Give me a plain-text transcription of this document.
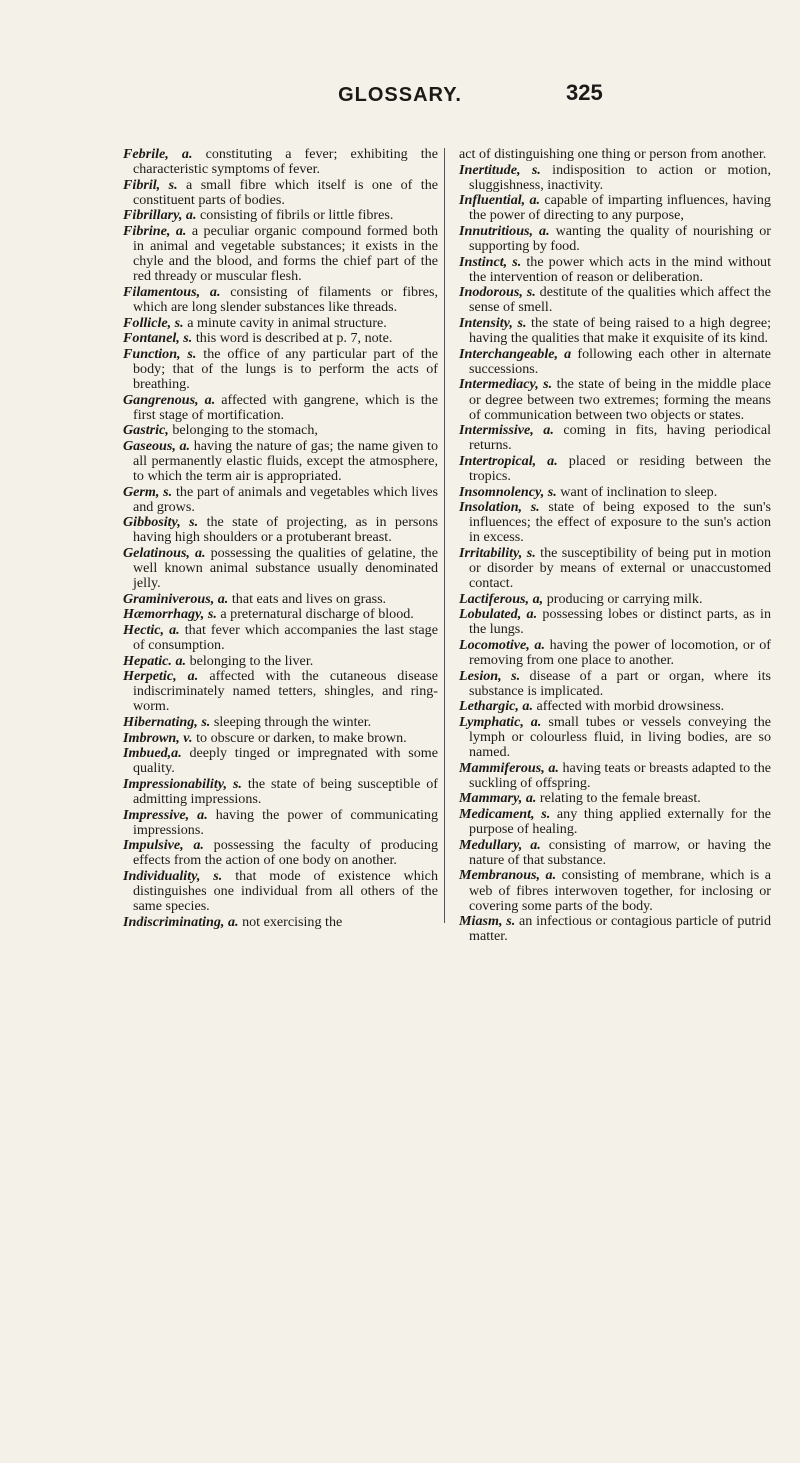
GLOSSARY.	325

Febrile, a. constituting a fever; exhibiting the characteristic symptoms of fever.

Fibril, s. a small fibre which itself is one of the constituent parts of bodies.

Fibrillary, a. consisting of fibrils or little fibres.

Fibrine, a. a peculiar organic compound formed both in animal and vegetable substances; it exists in the chyle and the blood, and forms the chief part of the red thready or muscular flesh.

Filamentous, a. consisting of filaments or fibres, which are long slender substances like threads.

Follicle, s. a minute cavity in animal structure.

Fontanel, s. this word is described at p. 7, note.

Function, s. the office of any particular part of the body; that of the lungs is to perform the acts of breathing.

Gangrenous, a. affected with gangrene, which is the first stage of mortification.

Gastric, belonging to the stomach,

Gaseous, a. having the nature of gas; the name given to all permanently elastic fluids, except the atmosphere, to which the term air is appropriated.

Germ, s. the part of animals and vegetables which lives and grows.

Gibbosity, s. the state of projecting, as in persons having high shoulders or a protuberant breast.

Gelatinous, a. possessing the qualities of gelatine, the well known animal substance usually denominated jelly.

Graminiverous, a. that eats and lives on grass.

Hæmorrhagy, s. a preternatural discharge of blood.

Hectic, a. that fever which accompanies the last stage of consumption.

Hepatic. a. belonging to the liver.

Herpetic, a. affected with the cutaneous disease indiscriminately named tetters, shingles, and ring-worm.

Hibernating, s. sleeping through the winter.

Imbrown, v. to obscure or darken, to make brown.

Imbued,a. deeply tinged or impregnated with some quality.

Impressionability, s. the state of being susceptible of admitting impressions.

Impressive, a. having the power of communicating impressions.

Impulsive, a. possessing the faculty of producing effects from the action of one body on another.

Individuality, s. that mode of existence which distinguishes one individual from all others of the same species.

Indiscriminating, a. not exercising the

act of distinguishing one thing or person from another.

Inertitude, s. indisposition to action or motion, sluggishness, inactivity.

Influential, a. capable of imparting influences, having the power of directing to any purpose,

Innutritious, a. wanting the quality of nourishing or supporting by food.

Instinct, s. the power which acts in the mind without the intervention of reason or deliberation.

Inodorous, s. destitute of the qualities which affect the sense of smell.

Intensity, s. the state of being raised to a high degree; having the qualities that make it exquisite of its kind.

Interchangeable, a following each other in alternate successions.

Intermediacy, s. the state of being in the middle place or degree between two extremes; forming the means of communication between two objects or states.

Intermissive, a. coming in fits, having periodical returns.

Intertropical, a. placed or residing between the tropics.

Insomnolency, s. want of inclination to sleep.

Insolation, s. state of being exposed to the sun's influences; the effect of exposure to the sun's action in excess.

Irritability, s. the susceptibility of being put in motion or disorder by means of external or unaccustomed contact.

Lactiferous, a, producing or carrying milk.

Lobulated, a. possessing lobes or distinct parts, as in the lungs.

Locomotive, a. having the power of locomotion, or of removing from one place to another.

Lesion, s. disease of a part or organ, where its substance is implicated.

Lethargic, a. affected with morbid drowsiness.

Lymphatic, a. small tubes or vessels conveying the lymph or colourless fluid, in living bodies, are so named.

Mammiferous, a. having teats or breasts adapted to the suckling of offspring.

Mammary, a. relating to the female breast.

Medicament, s. any thing applied externally for the purpose of healing.

Medullary, a. consisting of marrow, or having the nature of that substance.

Membranous, a. consisting of membrane, which is a web of fibres interwoven together, for inclosing or covering some parts of the body.

Miasm, s. an infectious or contagious particle of putrid matter.
